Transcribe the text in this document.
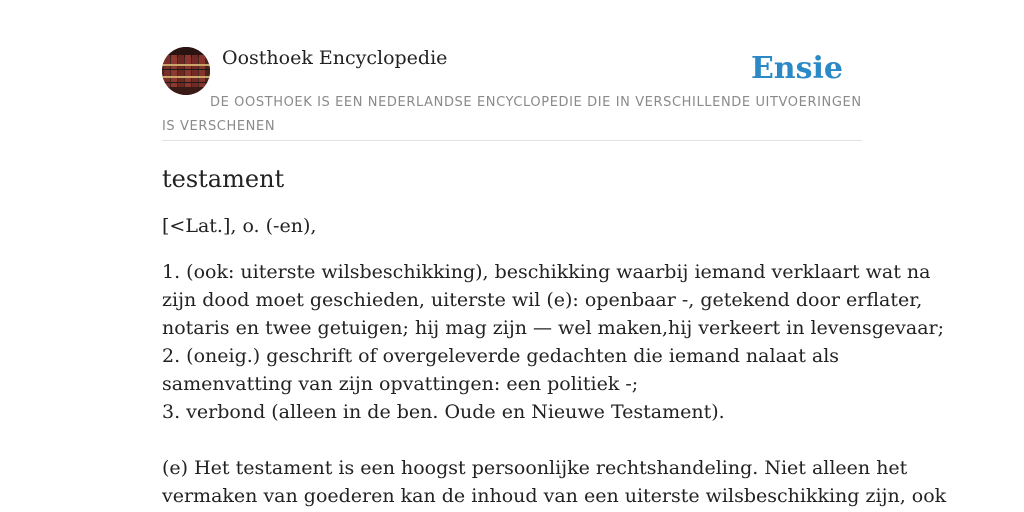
Oosthoek Encyclopedie	Ensie
DE OOSTHOEK IS EEN NEDERLANDSE ENCYCLOPEDIE DIE IN VERSCHILLENDE UITVOERINGEN IS VERSCHENEN
testament

[<Lat.], o. (-en),

1. (ook: uiterste wilsbeschikking), beschikking waarbij iemand verklaart wat na
zijn dood moet geschieden, uiterste wil (e): openbaar -, getekend door erflater,
notaris en twee getuigen; hij mag zijn — wel maken,hij verkeert in levensgevaar;
2. (oneig.) geschrift of overgeleverde gedachten die iemand nalaat als
samenvatting van zijn opvattingen: een politiek -;
3. verbond (alleen in de ben. Oude en Nieuwe Testament).

(e) Het testament is een hoogst persoonlijke rechtshandeling. Niet alleen het
vermaken van goederen kan de inhoud van een uiterste wilsbeschikking zijn, ook
